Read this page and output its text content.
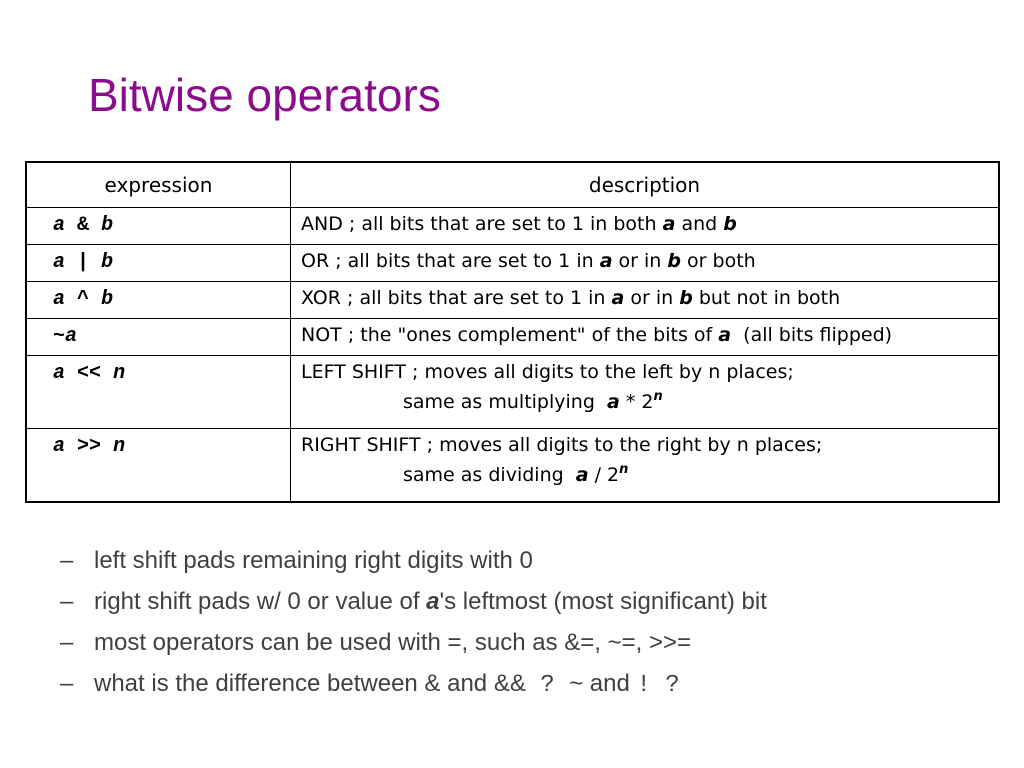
Bitwise operators
expression	description
a & b	AND ; all bits that are set to 1 in both a and b
a | b	OR ; all bits that are set to 1 in a or in b or both
a ^ b	XOR ; all bits that are set to 1 in a or in b but not in both
~a	NOT ; the "ones complement" of the bits of a  (all bits flipped)
a << n	LEFT SHIFT ; moves all digits to the left by n places;
same as multiplying  a * 2$^n$

a >> n	RIGHT SHIFT ; moves all digits to the right by n places;
same as dividing  a / 2$^n$
– left shift pads remaining right digits with 0
– right shift pads w/ 0 or value of a's leftmost (most significant) bit
– most operators can be used with =, such as &=, ~=, >>=
– what is the difference between & and && ? ~ and ! ?
